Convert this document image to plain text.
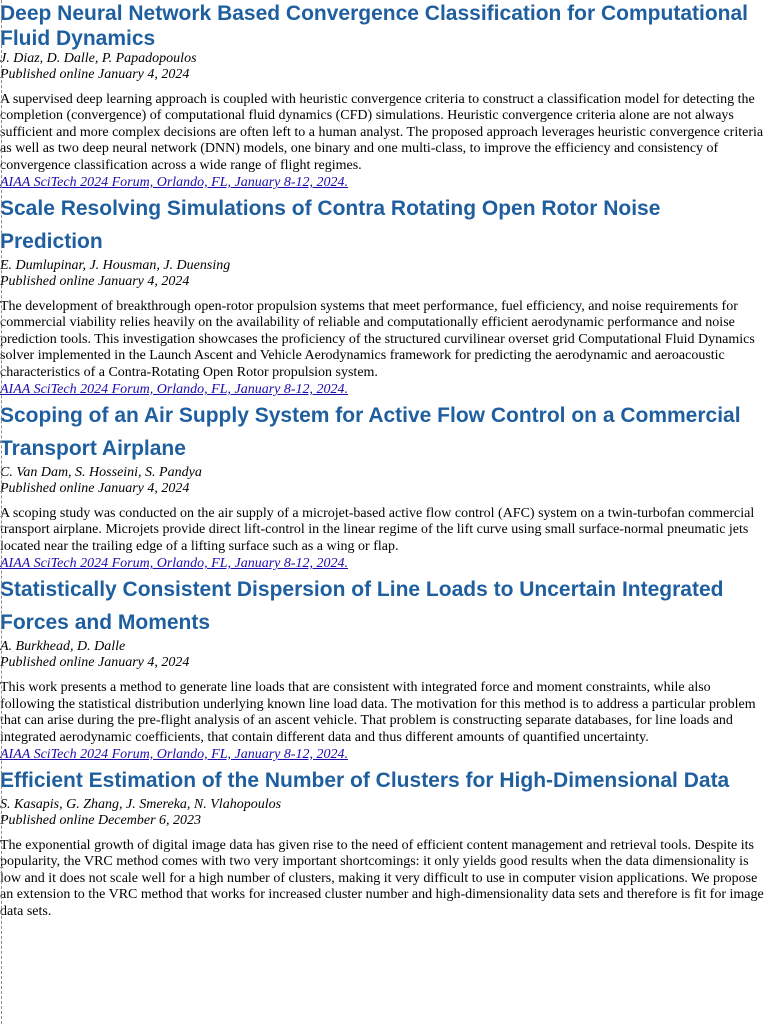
Deep Neural Network Based Convergence Classification for Computational Fluid Dynamics

J. Diaz, D. Dalle, P. Papadopoulos

Published online January 4, 2024

A supervised deep learning approach is coupled with heuristic convergence criteria to construct a classification model for detecting the completion (convergence) of computational fluid dynamics (CFD) simulations. Heuristic convergence criteria alone are not always sufficient and more complex decisions are often left to a human analyst. The proposed approach leverages heuristic convergence criteria as well as two deep neural network (DNN) models, one binary and one multi-class, to improve the efficiency and consistency of convergence classification across a wide range of flight regimes.

AIAA SciTech 2024 Forum, Orlando, FL, January 8-12, 2024.
Scale Resolving Simulations of Contra Rotating Open Rotor Noise Prediction

E. Dumlupinar, J. Housman, J. Duensing

Published online January 4, 2024

The development of breakthrough open-rotor propulsion systems that meet performance, fuel efficiency, and noise requirements for commercial viability relies heavily on the availability of reliable and computationally efficient aerodynamic performance and noise prediction tools. This investigation showcases the proficiency of the structured curvilinear overset grid Computational Fluid Dynamics solver implemented in the Launch Ascent and Vehicle Aerodynamics framework for predicting the aerodynamic and aeroacoustic characteristics of a Contra-Rotating Open Rotor propulsion system.

AIAA SciTech 2024 Forum, Orlando, FL, January 8-12, 2024.
Scoping of an Air Supply System for Active Flow Control on a Commercial Transport Airplane

C. Van Dam, S. Hosseini, S. Pandya

Published online January 4, 2024

A scoping study was conducted on the air supply of a microjet-based active flow control (AFC) system on a twin-turbofan commercial transport airplane. Microjets provide direct lift-control in the linear regime of the lift curve using small surface-normal pneumatic jets located near the trailing edge of a lifting surface such as a wing or flap.

AIAA SciTech 2024 Forum, Orlando, FL, January 8-12, 2024.
Statistically Consistent Dispersion of Line Loads to Uncertain Integrated Forces and Moments

A. Burkhead, D. Dalle

Published online January 4, 2024

This work presents a method to generate line loads that are consistent with integrated force and moment constraints, while also following the statistical distribution underlying known line load data. The motivation for this method is to address a particular problem that can arise during the pre-flight analysis of an ascent vehicle. That problem is constructing separate databases, for line loads and integrated aerodynamic coefficients, that contain different data and thus different amounts of quantified uncertainty.

AIAA SciTech 2024 Forum, Orlando, FL, January 8-12, 2024.
Efficient Estimation of the Number of Clusters for High-Dimensional Data

S. Kasapis, G. Zhang, J. Smereka, N. Vlahopoulos

Published online December 6, 2023

The exponential growth of digital image data has given rise to the need of efficient content management and retrieval tools. Despite its popularity, the VRC method comes with two very important shortcomings: it only yields good results when the data dimensionality is low and it does not scale well for a high number of clusters, making it very difficult to use in computer vision applications. We propose an extension to the VRC method that works for increased cluster number and high-dimensionality data sets and therefore is fit for image data sets.
